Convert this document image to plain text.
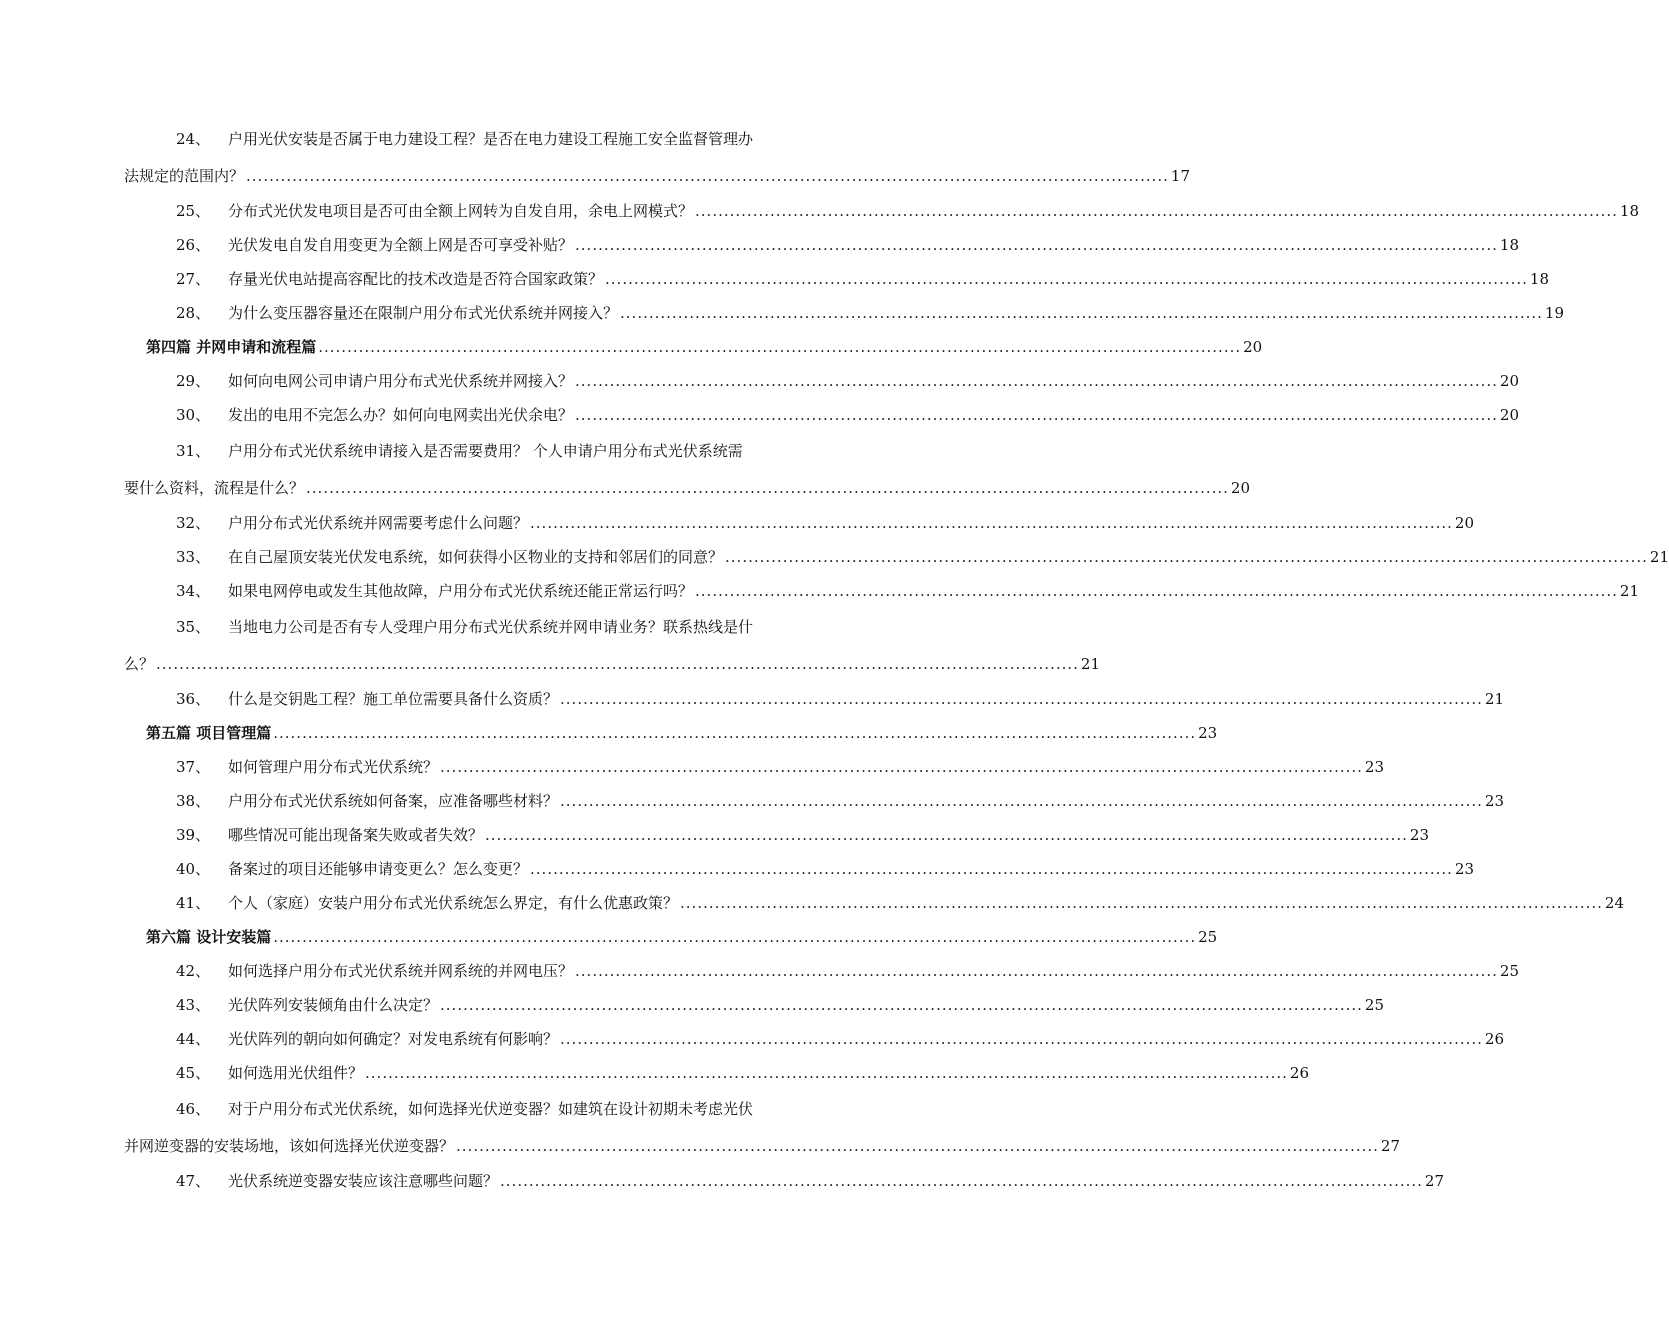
24、	户用光伏安装是否属于电力建设工程？是否在电力建设工程施工安全监督管理办
法规定的范围内？ ................................................................................................................................................................ 17
25、	分布式光伏发电项目是否可由全额上网转为自发自用，余电上网模式？ ................................................................................................................................................................ 18
26、	光伏发电自发自用变更为全额上网是否可享受补贴？ ................................................................................................................................................................ 18
27、	存量光伏电站提高容配比的技术改造是否符合国家政策？ ................................................................................................................................................................ 18
28、	为什么变压器容量还在限制户用分布式光伏系统并网接入？ ................................................................................................................................................................ 19
第四篇 并网申请和流程篇 ................................................................................................................................................................ 20
29、	如何向电网公司申请户用分布式光伏系统并网接入？ ................................................................................................................................................................ 20
30、	发出的电用不完怎么办？如何向电网卖出光伏余电？ ................................................................................................................................................................ 20
31、	户用分布式光伏系统申请接入是否需要费用？ 个人申请户用分布式光伏系统需
要什么资料，流程是什么？ ................................................................................................................................................................ 20
32、	户用分布式光伏系统并网需要考虑什么问题？ ................................................................................................................................................................ 20
33、	在自己屋顶安装光伏发电系统，如何获得小区物业的支持和邻居们的同意？ ................................................................................................................................................................ 21
34、	如果电网停电或发生其他故障，户用分布式光伏系统还能正常运行吗？ ................................................................................................................................................................ 21
35、	当地电力公司是否有专人受理户用分布式光伏系统并网申请业务？联系热线是什
么？ ................................................................................................................................................................ 21
36、	什么是交钥匙工程？施工单位需要具备什么资质？ ................................................................................................................................................................ 21
第五篇 项目管理篇 ................................................................................................................................................................ 23
37、	如何管理户用分布式光伏系统？ ................................................................................................................................................................ 23
38、	户用分布式光伏系统如何备案，应准备哪些材料？ ................................................................................................................................................................ 23
39、	哪些情况可能出现备案失败或者失效？ ................................................................................................................................................................ 23
40、	备案过的项目还能够申请变更么？怎么变更？ ................................................................................................................................................................ 23
41、	个人（家庭）安装户用分布式光伏系统怎么界定，有什么优惠政策？ ................................................................................................................................................................ 24
第六篇 设计安装篇 ................................................................................................................................................................ 25
42、	如何选择户用分布式光伏系统并网系统的并网电压？ ................................................................................................................................................................ 25
43、	光伏阵列安装倾角由什么决定？ ................................................................................................................................................................ 25
44、	光伏阵列的朝向如何确定？对发电系统有何影响？ ................................................................................................................................................................ 26
45、	如何选用光伏组件？ ................................................................................................................................................................ 26
46、	对于户用分布式光伏系统，如何选择光伏逆变器？如建筑在设计初期未考虑光伏
并网逆变器的安装场地，该如何选择光伏逆变器？ ................................................................................................................................................................ 27
47、	光伏系统逆变器安装应该注意哪些问题？ ................................................................................................................................................................ 27
